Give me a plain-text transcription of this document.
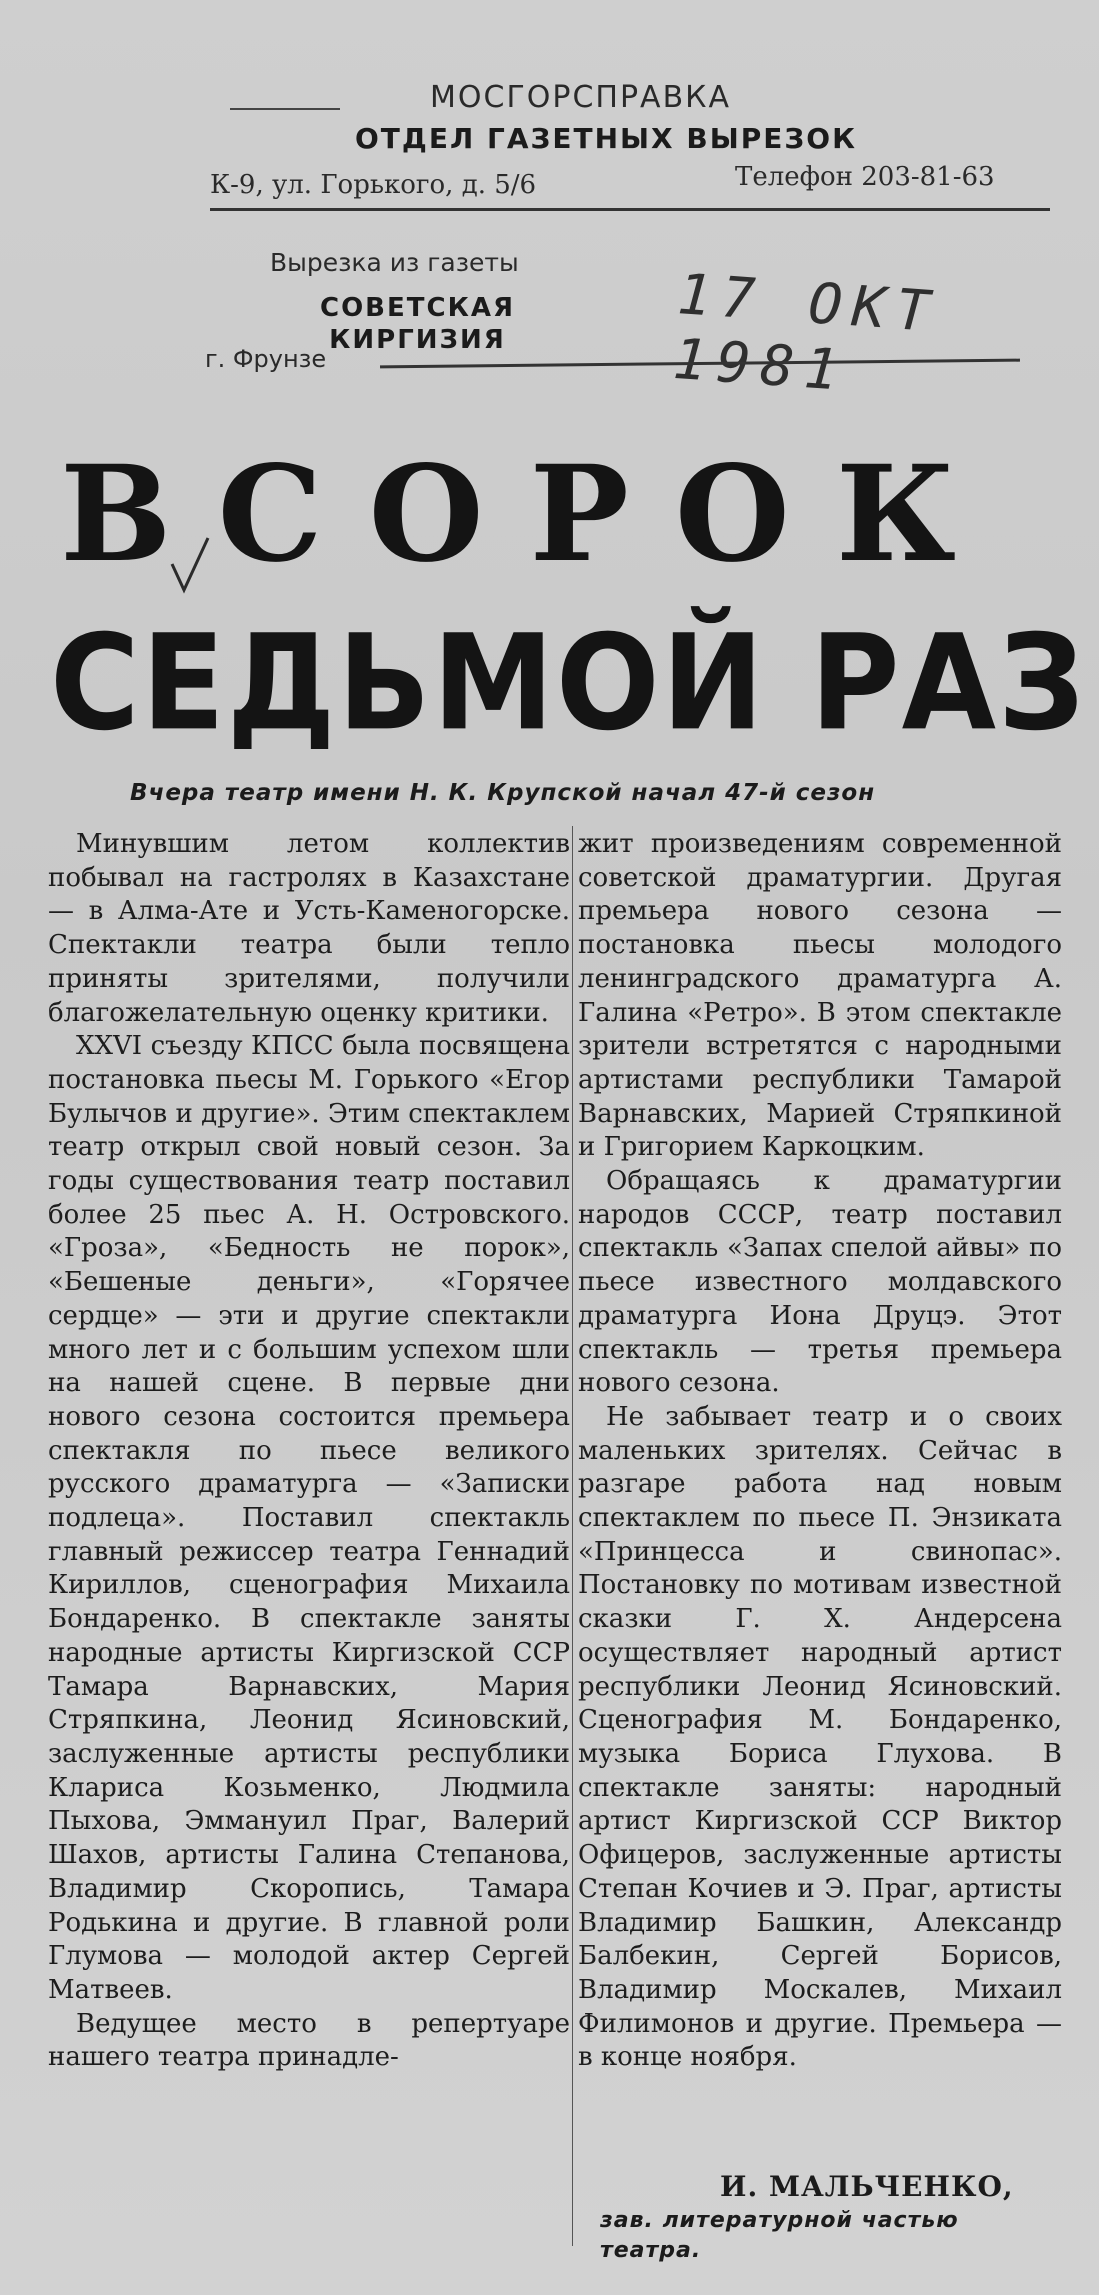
МОСГОРСПРАВКА
ОТДЕЛ ГАЗЕТНЫХ ВЫРЕЗОК
К-9, ул. Горького, д. 5/6	Телефон 203-81-63
Вырезка из газеты
СОВЕТСКАЯ
КИРГИЗИЯ	17 ОКТ 1981
г. Фрунзе
ВСОРОК
СЕДЬМОЙ РАЗ
Вчера театр имени Н. К. Крупской начал 47-й сезон

Минувшим летом коллектив побывал на гастролях в Казахстане — в Алма-Ате и Усть-Каменогорске. Спектакли театра были тепло приняты зрителями, получили благожелательную оценку критики.

XXVI съезду КПСС была посвящена постановка пьесы М. Горького «Егор Булычов и другие». Этим спектаклем театр открыл свой новый сезон. За годы существования театр поставил более 25 пьес А. Н. Островского. «Гроза», «Бедность не порок», «Бешеные деньги», «Горячее сердце» — эти и другие спектакли много лет и с большим успехом шли на нашей сцене. В первые дни нового сезона состоится премьера спектакля по пьесе великого русского драматурга — «Записки подлеца». Поставил спектакль главный режиссер театра Геннадий Кириллов, сценография Михаила Бондаренко. В спектакле заняты народные артисты Киргизской ССР Тамара Варнавских, Мария Стряпкина, Леонид Ясиновский, заслуженные артисты республики Клариса Козьменко, Людмила Пыхова, Эммануил Праг, Валерий Шахов, артисты Галина Степанова, Владимир Скоропись, Тамара Родькина и другие. В главной роли Глумова — молодой актер Сергей Матвеев.

Ведущее место в репертуаре нашего театра принадле-

жит произведениям современной советской драматургии. Другая премьера нового сезона — постановка пьесы молодого ленинградского драматурга А. Галина «Ретро». В этом спектакле зрители встретятся с народными артистами республики Тамарой Варнавских, Марией Стряпкиной и Григорием Каркоцким.

Обращаясь к драматургии народов СССР, театр поставил спектакль «Запах спелой айвы» по пьесе известного молдавского драматурга Иона Друцэ. Этот спектакль — третья премьера нового сезона.

Не забывает театр и о своих маленьких зрителях. Сейчас в разгаре работа над новым спектаклем по пьесе П. Энзиката «Принцесса и свинопас». Постановку по мотивам известной сказки Г. Х. Андерсена осуществляет народный артист республики Леонид Ясиновский. Сценография М. Бондаренко, музыка Бориса Глухова. В спектакле заняты: народный артист Киргизской ССР Виктор Офицеров, заслуженные артисты Степан Кочиев и Э. Праг, артисты Владимир Башкин, Александр Балбекин, Сергей Борисов, Владимир Москалев, Михаил Филимонов и другие. Премьера — в конце ноября.

И. МАЛЬЧЕНКО,
зав. литературной частью театра.
